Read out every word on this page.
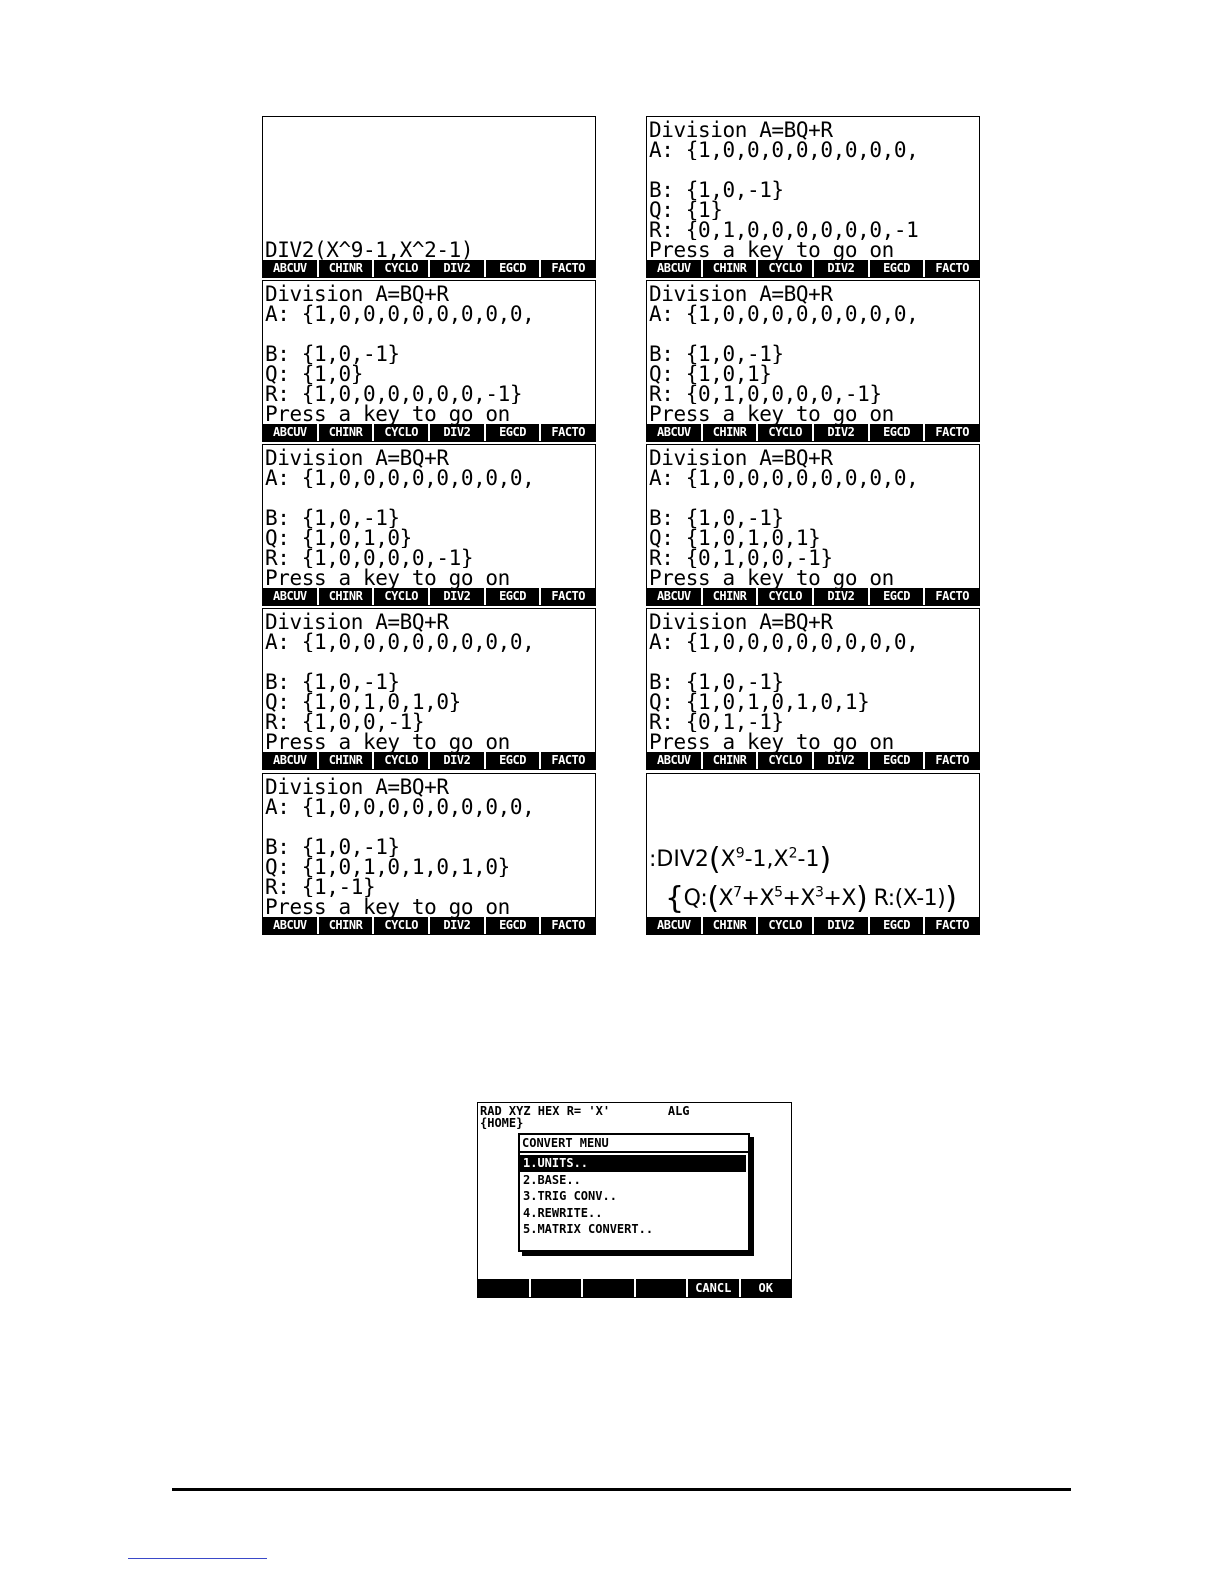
DIV2(X^9-1,X^2-1)
ABCUV	CHINR	CYCLO	DIV2	EGCD	FACTO
Division A=BQ+R
A: {1,0,0,0,0,0,0,0,0,
B: {1,0,-1}
Q: {1}
R: {0,1,0,0,0,0,0,0,-1
Press a key to go on
ABCUV	CHINR	CYCLO	DIV2	EGCD	FACTO
Division A=BQ+R
A: {1,0,0,0,0,0,0,0,0,
B: {1,0,-1}
Q: {1,0}
R: {1,0,0,0,0,0,0,-1}
Press a key to go on
ABCUV	CHINR	CYCLO	DIV2	EGCD	FACTO
Division A=BQ+R
A: {1,0,0,0,0,0,0,0,0,
B: {1,0,-1}
Q: {1,0,1}
R: {0,1,0,0,0,0,-1}
Press a key to go on
ABCUV	CHINR	CYCLO	DIV2	EGCD	FACTO
Division A=BQ+R
A: {1,0,0,0,0,0,0,0,0,
B: {1,0,-1}
Q: {1,0,1,0}
R: {1,0,0,0,0,-1}
Press a key to go on
ABCUV	CHINR	CYCLO	DIV2	EGCD	FACTO
Division A=BQ+R
A: {1,0,0,0,0,0,0,0,0,
B: {1,0,-1}
Q: {1,0,1,0,1}
R: {0,1,0,0,-1}
Press a key to go on
ABCUV	CHINR	CYCLO	DIV2	EGCD	FACTO
Division A=BQ+R
A: {1,0,0,0,0,0,0,0,0,
B: {1,0,-1}
Q: {1,0,1,0,1,0}
R: {1,0,0,-1}
Press a key to go on
ABCUV	CHINR	CYCLO	DIV2	EGCD	FACTO
Division A=BQ+R
A: {1,0,0,0,0,0,0,0,0,
B: {1,0,-1}
Q: {1,0,1,0,1,0,1}
R: {0,1,-1}
Press a key to go on
ABCUV	CHINR	CYCLO	DIV2	EGCD	FACTO
Division A=BQ+R
A: {1,0,0,0,0,0,0,0,0,
B: {1,0,-1}
Q: {1,0,1,0,1,0,1,0}
R: {1,-1}
Press a key to go on
ABCUV	CHINR	CYCLO	DIV2	EGCD	FACTO
$:DIV2(X^9-1,X^2-1)$
{$Q:(X^7+X^5+X^3+X)$ R:(X-1))
ABCUV	CHINR	CYCLO	DIV2	EGCD	FACTO
RAD XYZ HEX R= 'X'        ALG
{HOME}
CONVERT MENU
1.UNITS..
2.BASE..
3.TRIG CONV..
4.REWRITE..
5.MATRIX CONVERT..
CANCL	OK
